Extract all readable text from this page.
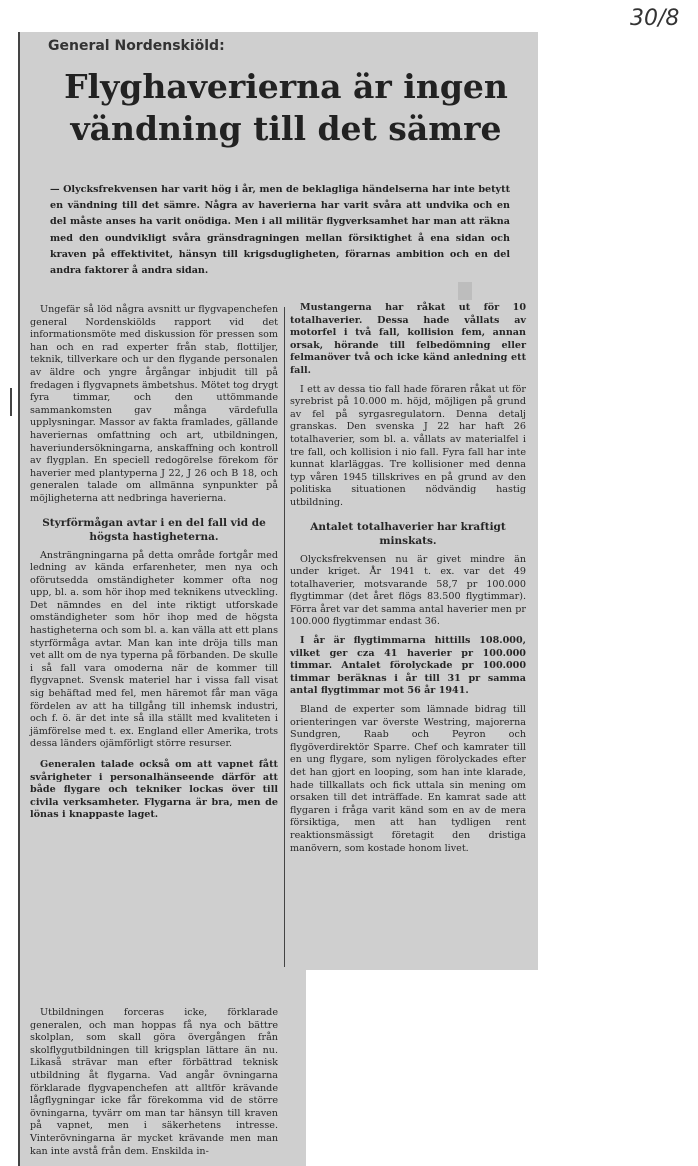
30/8
General Nordenskiöld:
Flyghaverierna är ingen vändning till det sämre
— Olycksfrekvensen har varit hög i år, men de beklagliga händelserna har inte betytt en vändning till det sämre. Några av haverierna har varit svåra att undvika och en del måste anses ha varit onödiga. Men i all militär flygverksamhet har man att räkna med den oundvikligt svåra gränsdragningen mellan försiktighet å ena sidan och kraven på effektivitet, hänsyn till krigsdugligheten, förarnas ambition och en del andra faktorer å andra sidan.

Ungefär så löd några avsnitt ur flygvapenchefen general Nordenskiölds rapport vid det informationsmöte med diskussion för pressen som han och en rad experter från stab, flottiljer, teknik, tillverkare och ur den flygande personalen av äldre och yngre årgångar inbjudit till på fredagen i flygvapnets ämbetshus. Mötet tog drygt fyra timmar, och den uttömmande sammankomsten gav många värdefulla upplysningar. Massor av fakta framlades, gällande haveriernas omfattning och art, utbildningen, haveriundersökningarna, anskaffning och kontroll av flygplan. En speciell redogörelse förekom för haverier med plantyperna J 22, J 26 och B 18, och generalen talade om allmänna synpunkter på möjligheterna att nedbringa haverierna.

Styrförmågan avtar i en del fall vid de högsta hastigheterna.

Ansträngningarna på detta område fortgår med ledning av kända erfarenheter, men nya och oförutsedda omständigheter kommer ofta nog upp, bl. a. som hör ihop med teknikens utveckling. Det nämndes en del inte riktigt utforskade omständigheter som hör ihop med de högsta hastigheterna och som bl. a. kan välla att ett plans styrförmåga avtar. Man kan inte dröja tills man vet allt om de nya typerna på förbanden. De skulle i så fall vara omoderna när de kommer till flygvapnet. Svensk materiel har i vissa fall visat sig behäftad med fel, men häremot får man väga fördelen av att ha tillgång till inhemsk industri, och f. ö. är det inte så illa ställt med kvaliteten i jämförelse med t. ex. England eller Amerika, trots dessa länders ojämförligt större resurser.

Generalen talade också om att vapnet fått svårigheter i personalhänseende därför att både flygare och tekniker lockas över till civila verksamheter. Flygarna är bra, men de lönas i knappaste laget.

Mustangerna har råkat ut för 10 totalhaverier. Dessa hade vållats av motorfel i två fall, kollision fem, annan orsak, hörande till felbedömning eller felmanöver två och icke känd anledning ett fall.

I ett av dessa tio fall hade föraren råkat ut för syrebrist på 10.000 m. höjd, möjligen på grund av fel på syrgasregulatorn. Denna detalj granskas. Den svenska J 22 har haft 26 totalhaverier, som bl. a. vållats av materialfel i tre fall, och kollision i nio fall. Fyra fall har inte kunnat klarläggas. Tre kollisioner med denna typ våren 1945 tillskrives en på grund av den politiska situationen nödvändig hastig utbildning.

Antalet totalhaverier har kraftigt minskats.

Olycksfrekvensen nu är givet mindre än under kriget. År 1941 t. ex. var det 49 totalhaverier, motsvarande 58,7 pr 100.000 flygtimmar (det året flögs 83.500 flygtimmar). Förra året var det samma antal haverier men pr 100.000 flygtimmar endast 36.

I år är flygtimmarna hittills 108.000, vilket ger cza 41 haverier pr 100.000 timmar. Antalet förolyckade pr 100.000 timmar beräknas i år till 31 pr samma antal flygtimmar mot 56 år 1941.

Bland de experter som lämnade bidrag till orienteringen var överste Westring, majorerna Sundgren, Raab och Peyron och flygöverdirektör Sparre. Chef och kamrater till en ung flygare, som nyligen förolyckades efter det han gjort en looping, som han inte klarade, hade tillkallats och fick uttala sin mening om orsaken till det inträffade. En kamrat sade att flygaren i fråga varit känd som en av de mera försiktiga, men att han tydligen rent reaktionsmässigt företagit den dristiga manövern, som kostade honom livet.

Utbildningen forceras icke, förklarade generalen, och man hoppas få nya och bättre skolplan, som skall göra övergången från skolflygutbildningen till krigsplan lättare än nu. Likaså strävar man efter förbättrad teknisk utbildning åt flygarna. Vad angår övningarna förklarade flygvapenchefen att alltför krävande lågflygningar icke får förekomma vid de större övningarna, tyvärr om man tar hänsyn till kraven på vapnet, men i säkerhetens intresse. Vinterövningarna är mycket krävande men man kan inte avstå från dem. Enskilda in-
